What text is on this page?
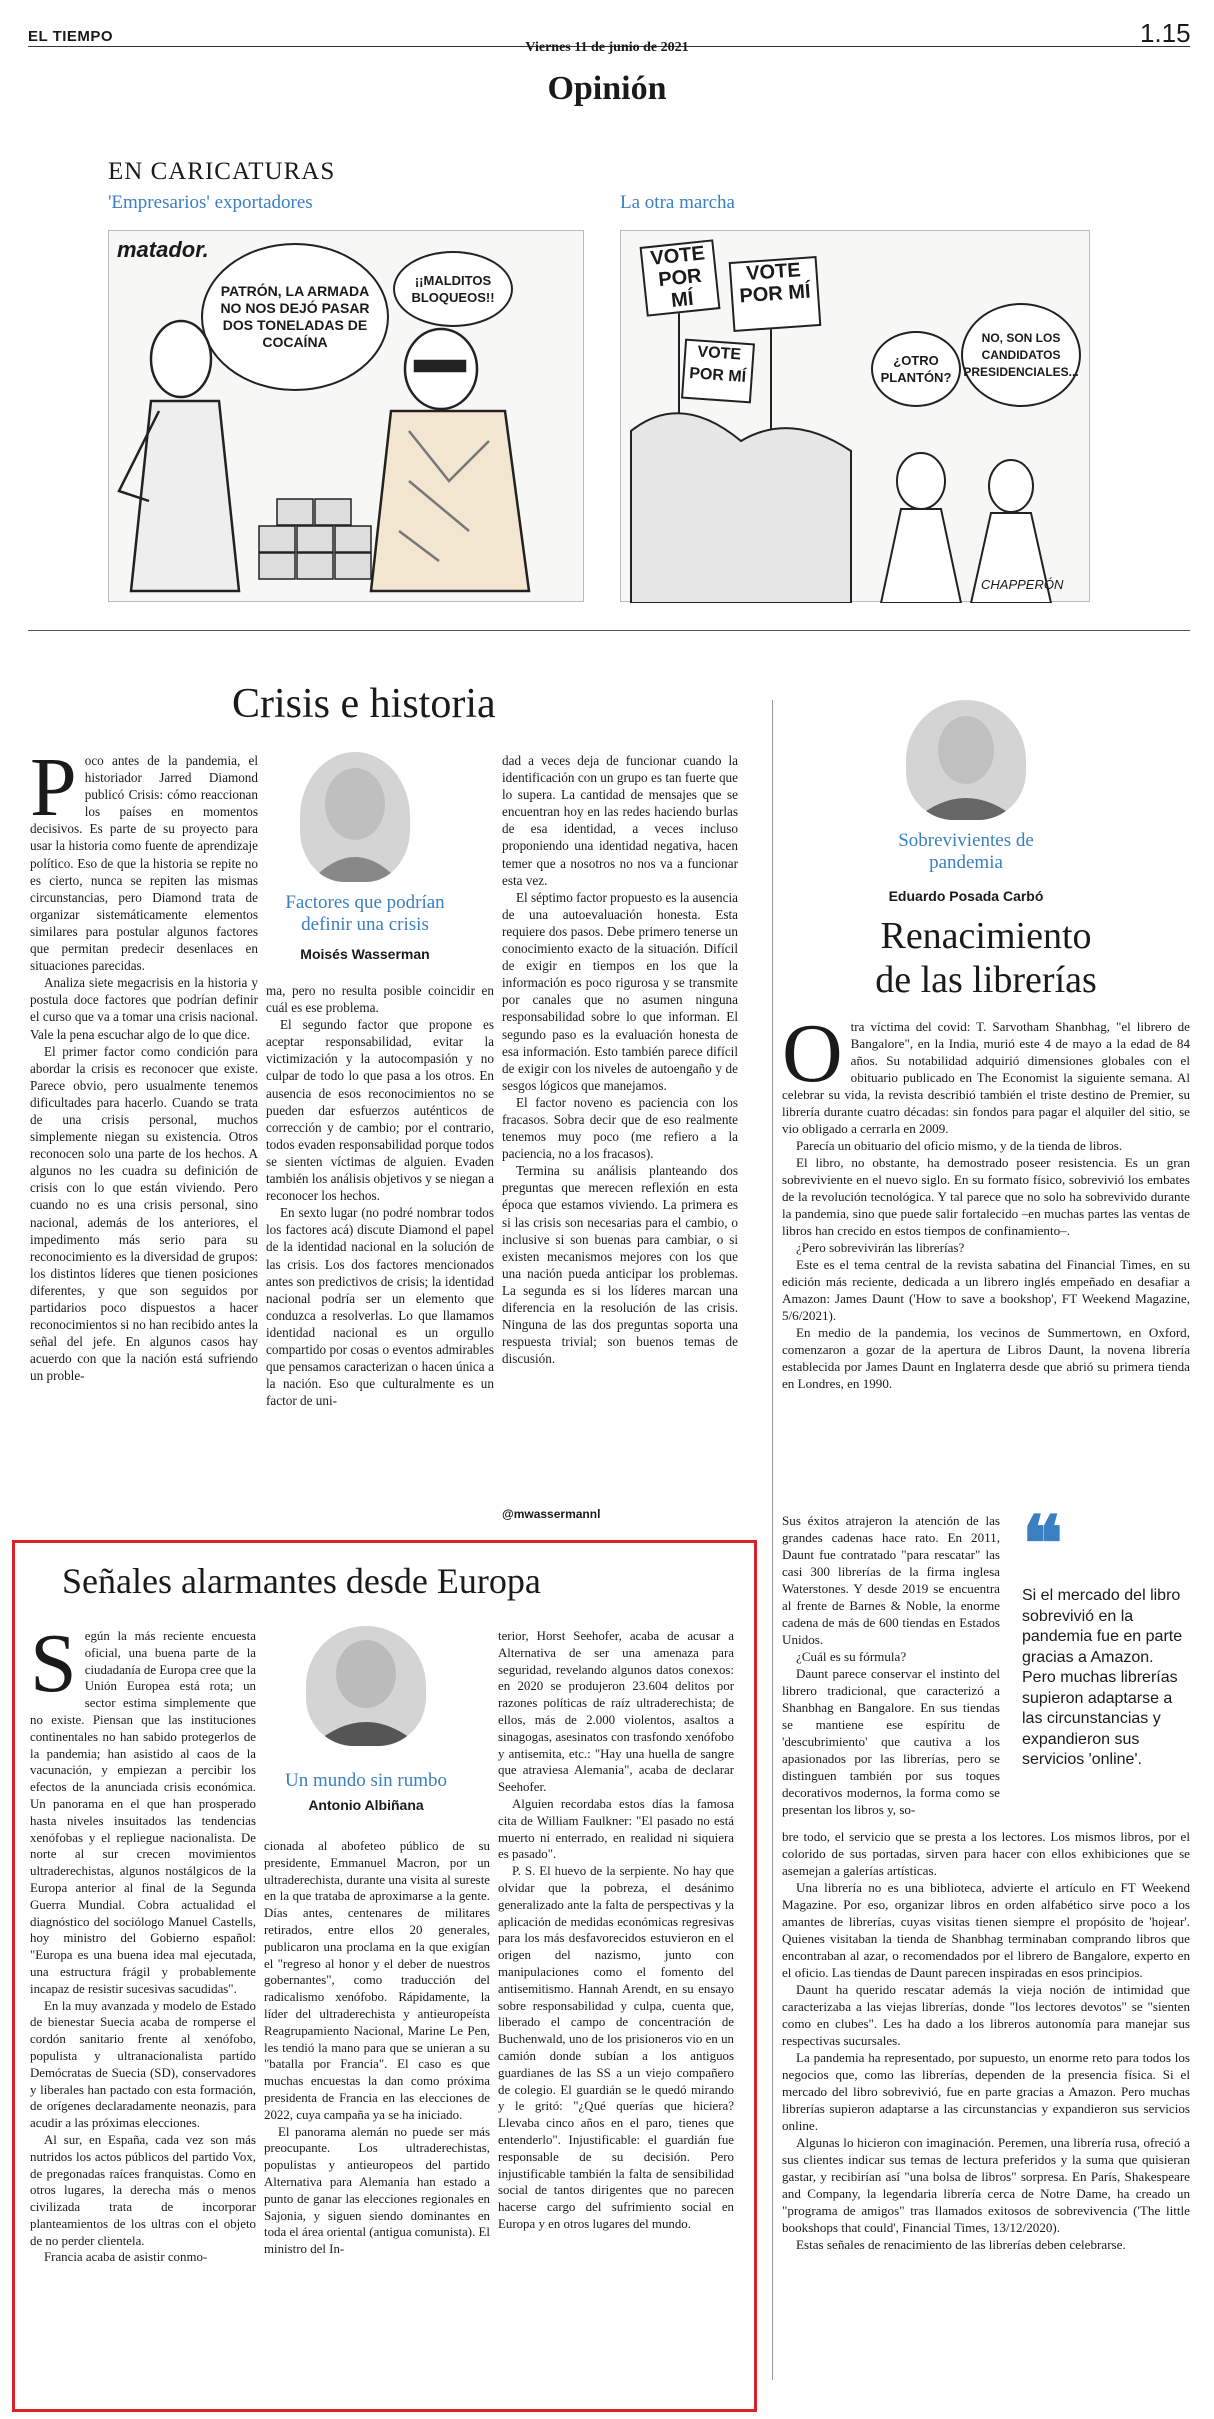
EL TIEMPO
Viernes 11 de junio de 2021	1.15
Opinión
EN CARICATURAS
'Empresarios' exportadores	La otra marcha
matador.
PATRÓN, LA ARMADA NO NOS DEJÓ PASAR DOS TONELADAS DE COCAÍNA
¡¡MALDITOS BLOQUEOS!!
VOTE POR MÍ
VOTE POR MÍ
VOTE POR MÍ
¿OTRO PLANTÓN?
NO, SON LOS CANDIDATOS PRESIDENCIALES...
CHAPPERÓN
Crisis e historia
Factores que podrían definir una crisis
Moisés Wasserman
P oco antes de la pandemia, el historiador Jarred Diamond publicó Crisis: cómo reaccionan los países en momentos decisivos. Es parte de su proyecto para usar la historia como fuente de aprendizaje político. Eso de que la historia se repite no es cierto, nunca se repiten las mismas circunstancias, pero Diamond trata de organizar sistemáticamente elementos similares para postular algunos factores que permitan predecir desenlaces en situaciones parecidas.

Analiza siete megacrisis en la historia y postula doce factores que podrían definir el curso que va a tomar una crisis nacional. Vale la pena escuchar algo de lo que dice.

El primer factor como condición para abordar la crisis es reconocer que existe. Parece obvio, pero usualmente tenemos dificultades para hacerlo. Cuando se trata de una crisis personal, muchos simplemente niegan su existencia. Otros reconocen solo una parte de los hechos. A algunos no les cuadra su definición de crisis con lo que están viviendo. Pero cuando no es una crisis personal, sino nacional, además de los anteriores, el impedimento más serio para su reconocimiento es la diversidad de grupos: los distintos líderes que tienen posiciones diferentes, y que son seguidos por partidarios poco dispuestos a hacer reconocimientos si no han recibido antes la señal del jefe. En algunos casos hay acuerdo con que la nación está sufriendo un proble-

ma, pero no resulta posible coincidir en cuál es ese problema.

El segundo factor que propone es aceptar responsabilidad, evitar la victimización y la autocompasión y no culpar de todo lo que pasa a los otros. En ausencia de esos reconocimientos no se pueden dar esfuerzos auténticos de corrección y de cambio; por el contrario, todos evaden responsabilidad porque todos se sienten víctimas de alguien. Evaden también los análisis objetivos y se niegan a reconocer los hechos.

En sexto lugar (no podré nombrar todos los factores acá) discute Diamond el papel de la identidad nacional en la solución de las crisis. Los dos factores mencionados antes son predictivos de crisis; la identidad nacional podría ser un elemento que conduzca a resolverlas. Lo que llamamos identidad nacional es un orgullo compartido por cosas o eventos admirables que pensamos caracterizan o hacen única a la nación. Eso que culturalmente es un factor de uni-

dad a veces deja de funcionar cuando la identificación con un grupo es tan fuerte que lo supera. La cantidad de mensajes que se encuentran hoy en las redes haciendo burlas de esa identidad, a veces incluso proponiendo una identidad negativa, hacen temer que a nosotros no nos va a funcionar esta vez.

El séptimo factor propuesto es la ausencia de una autoevaluación honesta. Esta requiere dos pasos. Debe primero tenerse un conocimiento exacto de la situación. Difícil de exigir en tiempos en los que la información es poco rigurosa y se transmite por canales que no asumen ninguna responsabilidad sobre lo que informan. El segundo paso es la evaluación honesta de esa información. Esto también parece difícil de exigir con los niveles de autoengaño y de sesgos lógicos que manejamos.

El factor noveno es paciencia con los fracasos. Sobra decir que de eso realmente tenemos muy poco (me refiero a la paciencia, no a los fracasos).

Termina su análisis planteando dos preguntas que merecen reflexión en esta época que estamos viviendo. La primera es si las crisis son necesarias para el cambio, o inclusive si son buenas para cambiar, o si existen mecanismos mejores con los que una nación pueda anticipar los problemas. La segunda es si los líderes marcan una diferencia en la resolución de las crisis. Ninguna de las dos preguntas soporta una respuesta trivial; son buenos temas de discusión.

@mwassermannl
Señales alarmantes desde Europa
Un mundo sin rumbo
Antonio Albiñana
S egún la más reciente encuesta oficial, una buena parte de la ciudadanía de Europa cree que la Unión Europea está rota; un sector estima simplemente que no existe. Piensan que las instituciones continentales no han sabido protegerlos de la pandemia; han asistido al caos de la vacunación, y empiezan a percibir los efectos de la anunciada crisis económica. Un panorama en el que han prosperado hasta niveles insuitados las tendencias xenófobas y el repliegue nacionalista. De norte al sur crecen movimientos ultraderechistas, algunos nostálgicos de la Europa anterior al final de la Segunda Guerra Mundial. Cobra actualidad el diagnóstico del sociólogo Manuel Castells, hoy ministro del Gobierno español: "Europa es una buena idea mal ejecutada, una estructura frágil y probablemente incapaz de resistir sucesivas sacudidas".

En la muy avanzada y modelo de Estado de bienestar Suecia acaba de romperse el cordón sanitario frente al xenófobo, populista y ultranacionalista partido Demócratas de Suecia (SD), conservadores y liberales han pactado con esta formación, de orígenes declaradamente neonazis, para acudir a las próximas elecciones.

Al sur, en España, cada vez son más nutridos los actos públicos del partido Vox, de pregonadas raíces franquistas. Como en otros lugares, la derecha más o menos civilizada trata de incorporar planteamientos de los ultras con el objeto de no perder clientela.

Francia acaba de asistir conmo-

cionada al abofeteo público de su presidente, Emmanuel Macron, por un ultraderechista, durante una visita al sureste en la que trataba de aproximarse a la gente. Días antes, centenares de militares retirados, entre ellos 20 generales, publicaron una proclama en la que exigían el "regreso al honor y el deber de nuestros gobernantes", como traducción del radicalismo xenófobo. Rápidamente, la líder del ultraderechista y antieuropeísta Reagrupamiento Nacional, Marine Le Pen, les tendió la mano para que se unieran a su "batalla por Francia". El caso es que muchas encuestas la dan como próxima presidenta de Francia en las elecciones de 2022, cuya campaña ya se ha iniciado.

El panorama alemán no puede ser más preocupante. Los ultraderechistas, populistas y antieuropeos del partido Alternativa para Alemania han estado a punto de ganar las elecciones regionales en Sajonia, y siguen siendo dominantes en toda el área oriental (antigua comunista). El ministro del In-

terior, Horst Seehofer, acaba de acusar a Alternativa de ser una amenaza para seguridad, revelando algunos datos conexos: en 2020 se produjeron 23.604 delitos por razones políticas de raíz ultraderechista; de ellos, más de 2.000 violentos, asaltos a sinagogas, asesinatos con trasfondo xenófobo y antisemita, etc.: "Hay una huella de sangre que atraviesa Alemania", acaba de declarar Seehofer.

Alguien recordaba estos días la famosa cita de William Faulkner: "El pasado no está muerto ni enterrado, en realidad ni siquiera es pasado".

P. S. El huevo de la serpiente. No hay que olvidar que la pobreza, el desánimo generalizado ante la falta de perspectivas y la aplicación de medidas económicas regresivas para los más desfavorecidos estuvieron en el origen del nazismo, junto con manipulaciones como el fomento del antisemitismo. Hannah Arendt, en su ensayo sobre responsabilidad y culpa, cuenta que, liberado el campo de concentración de Buchenwald, uno de los prisioneros vio en un camión donde subían a los antiguos guardianes de las SS a un viejo compañero de colegio. El guardián se le quedó mirando y le gritó: "¿Qué querías que hiciera? Llevaba cinco años en el paro, tienes que entenderlo". Injustificable: el guardián fue responsable de su decisión. Pero injustificable también la falta de sensibilidad social de tantos dirigentes que no parecen hacerse cargo del sufrimiento social en Europa y en otros lugares del mundo.

Sobrevivientes de pandemia
Eduardo Posada Carbó
Renacimiento
de las librerías
O tra víctima del covid: T. Sarvotham Shanbhag, "el librero de Bangalore", en la India, murió este 4 de mayo a la edad de 84 años. Su notabilidad adquirió dimensiones globales con el obituario publicado en The Economist la siguiente semana. Al celebrar su vida, la revista describió también el triste destino de Premier, su librería durante cuatro décadas: sin fondos para pagar el alquiler del sitio, se vio obligado a cerrarla en 2009.

Parecía un obituario del oficio mismo, y de la tienda de libros.

El libro, no obstante, ha demostrado poseer resistencia. Es un gran sobreviviente en el nuevo siglo. En su formato físico, sobrevivió los embates de la revolución tecnológica. Y tal parece que no solo ha sobrevivido durante la pandemia, sino que puede salir fortalecido –en muchas partes las ventas de libros han crecido en estos tiempos de confinamiento–.

¿Pero sobrevivirán las librerías?

Este es el tema central de la revista sabatina del Financial Times, en su edición más reciente, dedicada a un librero inglés empeñado en desafiar a Amazon: James Daunt ('How to save a bookshop', FT Weekend Magazine, 5/6/2021).

En medio de la pandemia, los vecinos de Summertown, en Oxford, comenzaron a gozar de la apertura de Libros Daunt, la novena librería establecida por James Daunt en Inglaterra desde que abrió su primera tienda en Londres, en 1990.

Sus éxitos atrajeron la atención de las grandes cadenas hace rato. En 2011, Daunt fue contratado "para rescatar" las casi 300 librerías de la firma inglesa Waterstones. Y desde 2019 se encuentra al frente de Barnes & Noble, la enorme cadena de más de 600 tiendas en Estados Unidos.

¿Cuál es su fórmula?

Daunt parece conservar el instinto del librero tradicional, que caracterizó a Shanbhag en Bangalore. En sus tiendas se mantiene ese espíritu de 'descubrimiento' que cautiva a los apasionados por las librerías, pero se distinguen también por sus toques decorativos modernos, la forma como se presentan los libros y, so-

❝
Si el mercado del libro sobrevivió en la pandemia fue en parte gracias a Amazon. Pero muchas librerías supieron adaptarse a las circunstancias y expandieron sus servicios 'online'.

bre todo, el servicio que se presta a los lectores. Los mismos libros, por el colorido de sus portadas, sirven para hacer con ellos exhibiciones que se asemejan a galerías artísticas.

Una librería no es una biblioteca, advierte el artículo en FT Weekend Magazine. Por eso, organizar libros en orden alfabético sirve poco a los amantes de librerías, cuyas visitas tienen siempre el propósito de 'hojear'. Quienes visitaban la tienda de Shanbhag terminaban comprando libros que encontraban al azar, o recomendados por el librero de Bangalore, experto en el oficio. Las tiendas de Daunt parecen inspiradas en esos principios.

Daunt ha querido rescatar además la vieja noción de intimidad que caracterizaba a las viejas librerías, donde "los lectores devotos" se "sienten como en clubes". Les ha dado a los libreros autonomía para manejar sus respectivas sucursales.

La pandemia ha representado, por supuesto, un enorme reto para todos los negocios que, como las librerías, dependen de la presencia física. Si el mercado del libro sobrevivió, fue en parte gracias a Amazon. Pero muchas librerías supieron adaptarse a las circunstancias y expandieron sus servicios online.

Algunas lo hicieron con imaginación. Peremen, una librería rusa, ofreció a sus clientes indicar sus temas de lectura preferidos y la suma que quisieran gastar, y recibirían así "una bolsa de libros" sorpresa. En París, Shakespeare and Company, la legendaria librería cerca de Notre Dame, ha creado un "programa de amigos" tras llamados exitosos de sobrevivencia ('The little bookshops that could', Financial Times, 13/12/2020).

Estas señales de renacimiento de las librerías deben celebrarse.
